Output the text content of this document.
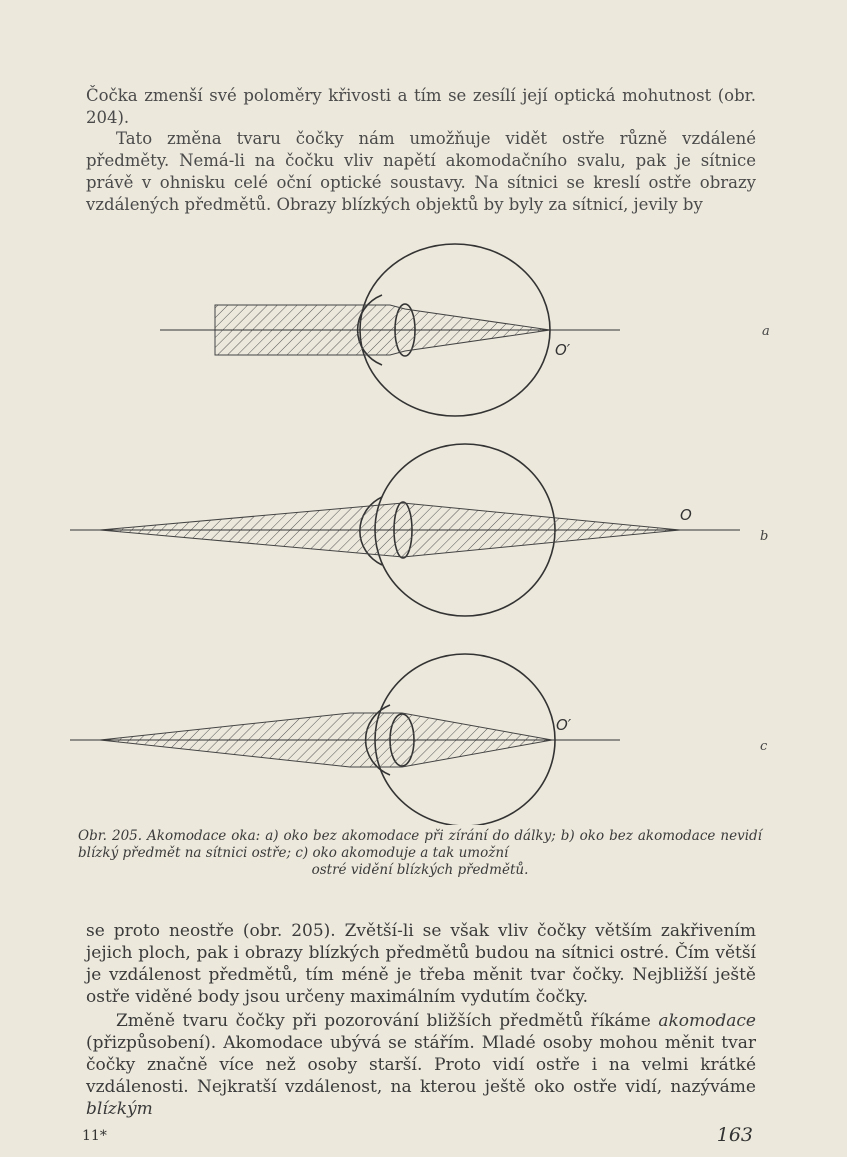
Čočka zmenší své poloměry křivosti a tím se zesílí její optická mohutnost (obr. 204).

Tato změna tvaru čočky nám umožňuje vidět ostře různě vzdálené předměty. Nemá-li na čočku vliv napětí akomodačního svalu, pak je sítnice právě v ohnisku celé oční optické soustavy. Na sítnici se kreslí ostře obrazy vzdálených předmětů. Obrazy blízkých objektů by byly za sítnicí, jevily by

O′
a
O
b
O′
c

Obr. 205. Akomodace oka: a) oko bez akomodace při zírání do dálky; b) oko bez akomodace nevidí blízký předmět na sítnici ostře; c) oko akomoduje a tak umožní
ostré vidění blízkých předmětů.

se proto neostře (obr. 205). Zvětší-li se však vliv čočky větším zakřivením jejich ploch, pak i obrazy blízkých předmětů budou na sítnici ostré. Čím větší je vzdálenost předmětů, tím méně je třeba měnit tvar čočky. Nejbližší ještě ostře viděné body jsou určeny maximálním vydutím čočky.

Změně tvaru čočky při pozorování bližších předmětů říkáme akomodace (přizpůsobení). Akomodace ubývá se stářím. Mladé osoby mohou měnit tvar čočky značně více než osoby starší. Proto vidí ostře i na velmi krátké vzdálenosti. Nejkratší vzdálenost, na kterou ještě oko ostře vidí, nazýváme blízkým

11*	163
